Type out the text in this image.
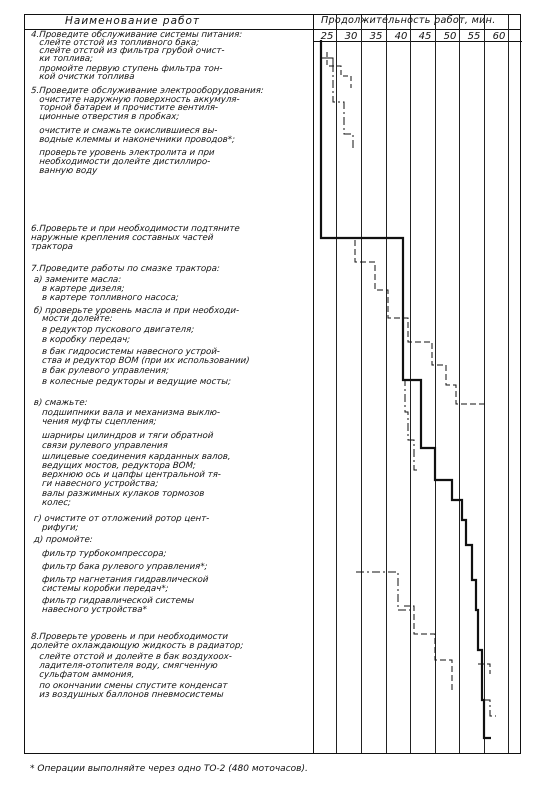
Наименование работ	Продолжительность работ, мин.
25	30	35	40	45	50	55	60
4.Проведите обслуживание системы питания:
слейте отстой из топливного бака;
слейте отстой из фильтра грубой очист-
ки топлива;
промойте первую ступень фильтра тон-
кой очистки топлива
5.Проведите обслуживание электрооборудования:
очистите наружную поверхность аккумуля-
торной батареи и прочистите вентиля-
ционные отверстия в пробках;
очистите и смажьте окислившиеся вы-
водные клеммы и наконечники проводов*;
проверьте уровень электролита и при
необходимости долейте дистиллиро-
ванную воду
6.Проверьте и при необходимости подтяните
наружные крепления составных частей
трактора
7.Проведите работы по смазке трактора:
а) замените масла:
в картере дизеля;
в картере топливного насоса;
б) проверьте уровень масла и при необходи-
мости долейте:
в редуктор пускового двигателя;
в коробку передач;
в бак гидросистемы навесного устрой-
ства и редуктор ВОМ (при их использовании)
в бак рулевого управления;
в колесные редукторы и ведущие мосты;
в) смажьте:
подшипники вала и механизма выклю-
чения муфты сцепления;
шарниры цилиндров и тяги обратной
связи рулевого управления
шлицевые соединения карданных валов,
ведущих мостов, редуктора ВОМ;
верхнюю ось и цапфы центральной тя-
ги навесного устройства;
валы разжимных кулаков тормозов
колес;
г) очистите от отложений ротор цент-
рифуги;
д) промойте:
фильтр турбокомпрессора;
фильтр бака рулевого управления*;
фильтр нагнетания гидравлической
системы коробки передач*;
фильтр гидравлической системы
навесного устройства*
8.Проверьте уровень и при необходимости
долейте охлаждающую жидкость в радиатор;
слейте отстой и долейте в бак воздухоох-
ладителя-отопителя воду, смягченную
сульфатом аммония,
по окончании смены спустите конденсат
из воздушных баллонов пневмосистемы
* Операции выполняйте через одно ТО-2 (480 моточасов).
